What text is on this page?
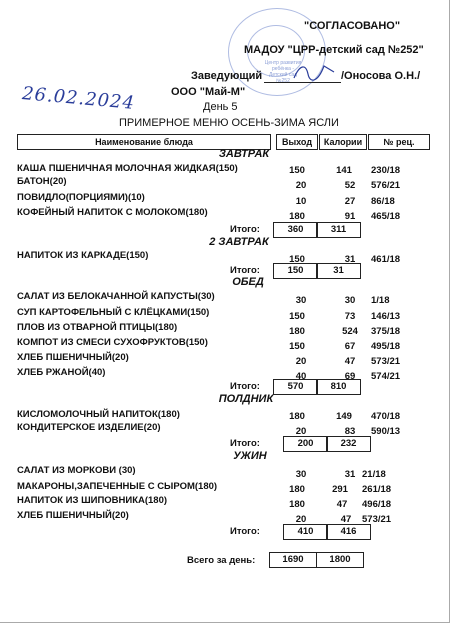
Центр развития ребёнка - Детский сад №252
"СОГЛАСОВАНО"
МАДОУ "ЦРР-детский сад №252"
Заведующий	/Оносова О.Н./
26.02.2024	ООО "Май-М"
День 5
ПРИМЕРНОЕ МЕНЮ ОСЕНЬ-ЗИМА ЯСЛИ
Наименование блюда	Выход	Калории	№ рец.
ЗАВТРАК
КАША ПШЕНИЧНАЯ МОЛОЧНАЯ ЖИДКАЯ(150)	150	141	230/18
БАТОН(20)	20	52	576/21
ПОВИДЛО(ПОРЦИЯМИ)(10)	10	27	86/18
КОФЕЙНЫЙ НАПИТОК С МОЛОКОМ(180)	180	91	465/18
Итого:	360	311
2 ЗАВТРАК
НАПИТОК ИЗ КАРКАДЕ(150)	150	31	461/18
Итого:	150	31
ОБЕД
САЛАТ ИЗ БЕЛОКАЧАННОЙ КАПУСТЫ(30)	30	30	1/18
СУП КАРТОФЕЛЬНЫЙ С КЛЁЦКАМИ(150)	150	73	146/13
ПЛОВ ИЗ ОТВАРНОЙ ПТИЦЫ(180)	180	524	375/18
КОМПОТ ИЗ СМЕСИ СУХОФРУКТОВ(150)	150	67	495/18
ХЛЕБ ПШЕНИЧНЫЙ(20)	20	47	573/21
ХЛЕБ РЖАНОЙ(40)	40	69	574/21
Итого:	570	810
ПОЛДНИК
КИСЛОМОЛОЧНЫЙ НАПИТОК(180)	180	149	470/18
КОНДИТЕРСКОЕ ИЗДЕЛИЕ(20)	20	83	590/13
Итого:	200	232
УЖИН
САЛАТ ИЗ МОРКОВИ (30)	30	31 21/18
МАКАРОНЫ,ЗАПЕЧЕННЫЕ С СЫРОМ(180)	180	291	261/18
НАПИТОК ИЗ ШИПОВНИКА(180)	180	47	496/18
ХЛЕБ ПШЕНИЧНЫЙ(20)	20	47	573/21
Итого:	410	416
Всего за день:	1690	1800
